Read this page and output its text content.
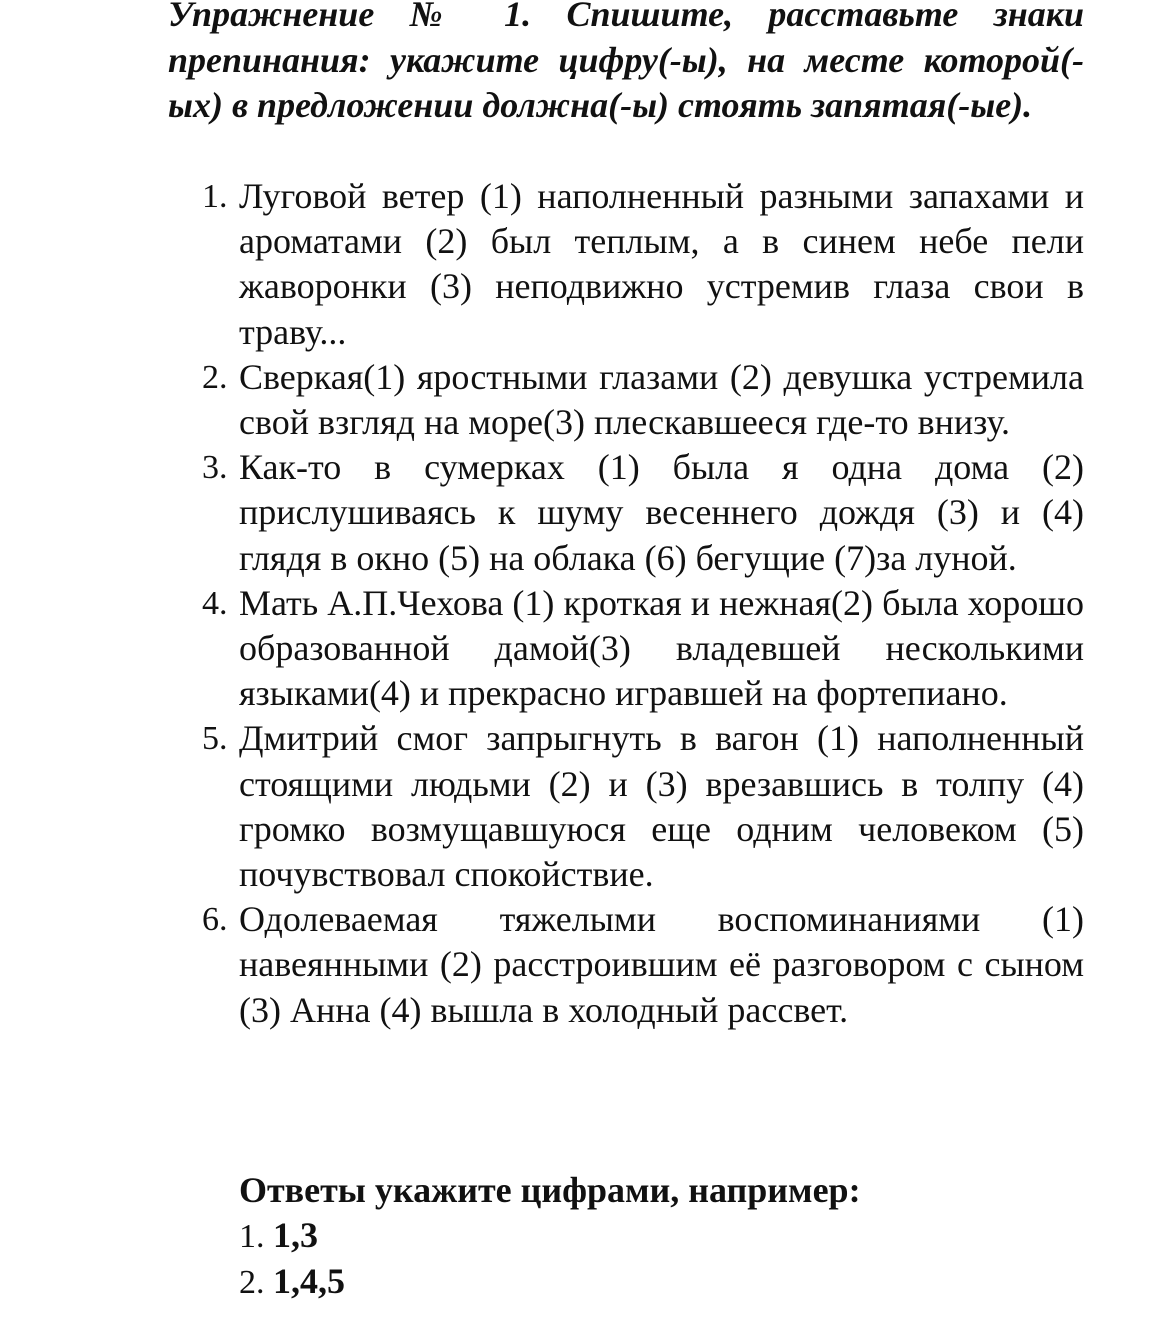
Упражнение № 1. Спишите, расставьте знаки препинания: укажите цифру(-ы), на месте которой(-ых) в предложении должна(-ы) стоять запятая(-ые).

1. Луговой ветер (1) наполненный разными запахами и ароматами (2) был теплым, а в синем небе пели жаворонки (3) неподвижно устремив глаза свои в траву...
2. Сверкая(1) яростными глазами (2) девушка устремила свой взгляд на море(3) плескавшееся где-то внизу.
3. Как-то в сумерках (1) была я одна дома (2) прислушиваясь к шуму весеннего дождя (3) и (4) глядя в окно (5) на облака (6) бегущие (7)за луной.
4. Мать А.П.Чехова (1) кроткая и нежная(2) была хорошо образованной дамой(3) владевшей несколькими языками(4) и прекрасно игравшей на фортепиано.
5. Дмитрий смог запрыгнуть в вагон (1) наполненный стоящими людьми (2) и (3) врезавшись в толпу (4) громко возмущавшуюся еще одним человеком (5) почувствовал спокойствие.
6. Одолеваемая тяжелыми воспоминаниями (1) навеянными (2) расстроившим её разговором с сыном (3) Анна (4) вышла в холодный рассвет.
Ответы укажите цифрами, например:
1. 1,3
2. 1,4,5
